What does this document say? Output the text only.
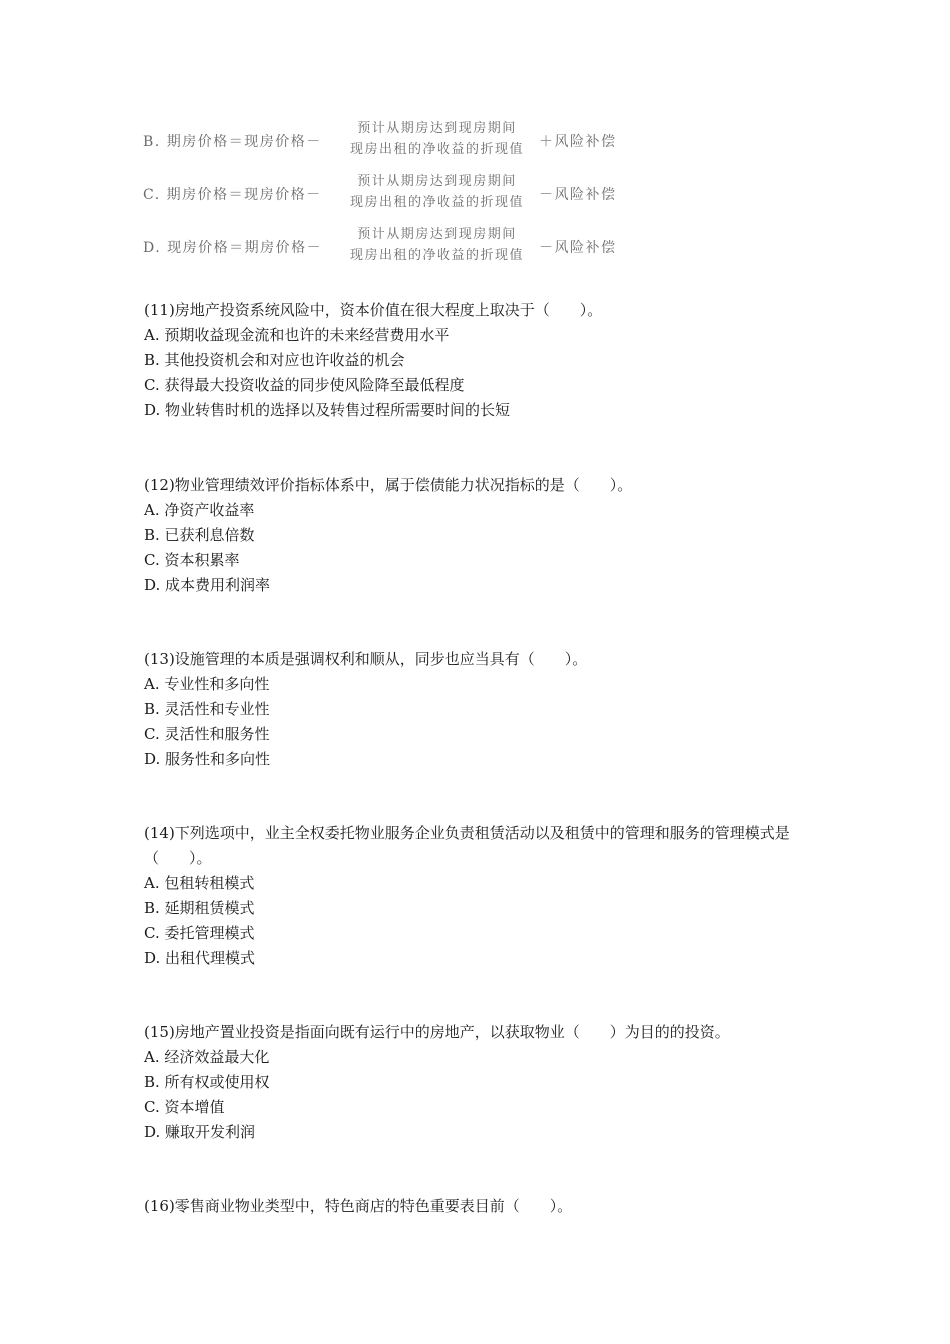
B. 期房价格＝现房价格－
预计从期房达到现房期间
现房出租的净收益的折现值	＋风险补偿
C. 期房价格＝现房价格－
预计从期房达到现房期间
现房出租的净收益的折现值	－风险补偿
D. 现房价格＝期房价格－
预计从期房达到现房期间
现房出租的净收益的折现值	－风险补偿
(11)房地产投资系统风险中，资本价值在很大程度上取决于（　　）。
A. 预期收益现金流和也许的未来经营费用水平
B. 其他投资机会和对应也许收益的机会
C. 获得最大投资收益的同步使风险降至最低程度
D. 物业转售时机的选择以及转售过程所需要时间的长短
(12)物业管理绩效评价指标体系中，属于偿债能力状况指标的是（　　）。
A. 净资产收益率
B. 已获利息倍数
C. 资本积累率
D. 成本费用利润率
(13)设施管理的本质是强调权利和顺从，同步也应当具有（　　）。
A. 专业性和多向性
B. 灵活性和专业性
C. 灵活性和服务性
D. 服务性和多向性
(14)下列选项中，业主全权委托物业服务企业负责租赁活动以及租赁中的管理和服务的管理模式是（　　）。
A. 包租转租模式
B. 延期租赁模式
C. 委托管理模式
D. 出租代理模式
(15)房地产置业投资是指面向既有运行中的房地产，以获取物业（　　）为目的的投资。
A. 经济效益最大化
B. 所有权或使用权
C. 资本增值
D. 赚取开发利润
(16)零售商业物业类型中，特色商店的特色重要表目前（　　）。
